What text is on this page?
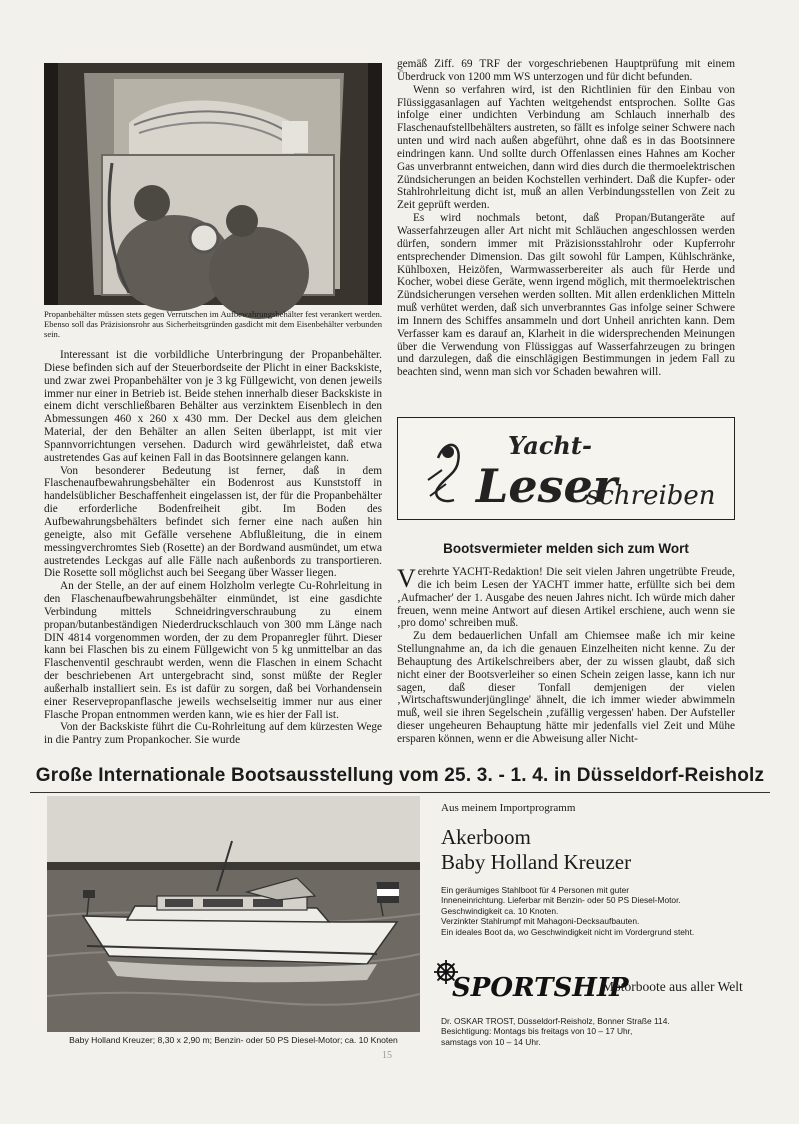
Propanbehälter müssen stets gegen Verrutschen im Aufbewahrungsbehälter fest verankert werden. Ebenso soll das Präzisionsrohr aus Sicherheitsgründen gasdicht mit dem Eisenbehälter verbunden sein.

Interessant ist die vorbildliche Unterbringung der Propanbehälter. Diese befinden sich auf der Steuerbordseite der Plicht in einer Backskiste, und zwar zwei Propanbehälter von je 3 kg Füllgewicht, von denen jeweils immer nur einer in Betrieb ist. Beide stehen innerhalb dieser Backskiste in einem dicht verschließbaren Behälter aus verzinktem Eisenblech in den Abmessungen 460 x 260 x 430 mm. Der Deckel aus dem gleichen Material, der den Behälter an allen Seiten überlappt, ist mit vier Spannvorrichtungen versehen. Dadurch wird gewährleistet, daß etwa austretendes Gas auf keinen Fall in das Bootsinnere gelangen kann.

Von besonderer Bedeutung ist ferner, daß in dem Flaschenaufbewahrungsbehälter ein Bodenrost aus Kunststoff in handelsüblicher Beschaffenheit eingelassen ist, der für die Propanbehälter die erforderliche Bodenfreiheit gibt. Im Boden des Aufbewahrungsbehälters befindet sich ferner eine nach außen hin geneigte, also mit Gefälle versehene Abflußleitung, die in einem messingverchromtes Sieb (Rosette) an der Bordwand ausmündet, um etwa austretendes Leckgas auf alle Fälle nach außenbords zu transportieren. Die Rosette soll möglichst auch bei Seegang über Wasser liegen.

An der Stelle, an der auf einem Holzholm verlegte Cu-Rohrleitung in den Flaschenaufbewahrungsbehälter einmündet, ist eine gasdichte Verbindung mittels Schneidringverschraubung zu einem propan/butanbeständigen Niederdruckschlauch von 300 mm Länge nach DIN 4814 vorgenommen worden, der zu dem Propanregler führt. Dieser kann bei Flaschen bis zu einem Füllgewicht von 5 kg unmittelbar an das Flaschenventil geschraubt werden, wenn die Flaschen in einem Schacht der beschriebenen Art untergebracht sind, sonst müßte der Regler außerhalb installiert sein. Es ist dafür zu sorgen, daß bei Vorhandensein einer Reservepropanflasche jeweils wechselseitig immer nur aus einer Flasche Propan entnommen werden kann, wie es hier der Fall ist.

Von der Backskiste führt die Cu-Rohrleitung auf dem kürzesten Wege in die Pantry zum Propankocher. Sie wurde

gemäß Ziff. 69 TRF der vorgeschriebenen Hauptprüfung mit einem Überdruck von 1200 mm WS unterzogen und für dicht befunden.

Wenn so verfahren wird, ist den Richtlinien für den Einbau von Flüssiggasanlagen auf Yachten weitgehendst entsprochen. Sollte Gas infolge einer undichten Verbindung am Schlauch innerhalb des Flaschenaufstellbehälters austreten, so fällt es infolge seiner Schwere nach unten und wird nach außen abgeführt, ohne daß es in das Bootsinnere eindringen kann. Und sollte durch Offenlassen eines Hahnes am Kocher Gas unverbrannt entweichen, dann wird dies durch die thermoelektrischen Zündsicherungen an beiden Kochstellen verhindert. Daß die Kupfer- oder Stahlrohrleitung dicht ist, muß an allen Verbindungsstellen von Zeit zu Zeit geprüft werden.

Es wird nochmals betont, daß Propan/Butangeräte auf Wasserfahrzeugen aller Art nicht mit Schläuchen angeschlossen werden dürfen, sondern immer mit Präzisionsstahlrohr oder Kupferrohr entsprechender Dimension. Das gilt sowohl für Lampen, Kühlschränke, Kühlboxen, Heizöfen, Warmwasserbereiter als auch für Herde und Kocher, wobei diese Geräte, wenn irgend möglich, mit thermoelektrischen Zündsicherungen versehen werden sollten. Mit allen erdenklichen Mitteln muß verhütet werden, daß sich unverbranntes Gas infolge seiner Schwere im Innern des Schiffes ansammeln und dort Unheil anrichten kann. Dem Verfasser kam es darauf an, Klarheit in die widersprechenden Meinungen über die Verwendung von Flüssiggas auf Wasserfahrzeugen zu bringen und darzulegen, daß die einschlägigen Bestimmungen in jedem Fall zu beachten sind, wenn man sich vor Schaden bewahren will.

Yacht-
Leser
schreiben
Bootsvermieter melden sich zum Wort

Verehrte YACHT-Redaktion! Die seit vielen Jahren ungetrübte Freude, die ich beim Lesen der YACHT immer hatte, erfüllte sich bei dem ‚Aufmacher' der 1. Ausgabe des neuen Jahres nicht. Ich würde mich daher freuen, wenn meine Antwort auf diesen Artikel erschiene, auch wenn sie ‚pro domo' schreiben muß.

Zu dem bedauerlichen Unfall am Chiemsee maße ich mir keine Stellungnahme an, da ich die genauen Einzelheiten nicht kenne. Zu der Behauptung des Artikelschreibers aber, der zu wissen glaubt, daß sich nicht einer der Bootsverleiher so einen Schein zeigen lasse, kann ich nur sagen, daß dieser Tonfall demjenigen der vielen ‚Wirtschaftswunderjünglinge' ähnelt, die ich immer wieder abwimmeln muß, weil sie ihren Segelschein ‚zufällig vergessen' haben. Der Aufsteller dieser ungeheuren Behauptung hätte mir jedenfalls viel Zeit und Mühe ersparen können, wenn er die Abweisung aller Nicht-

Große Internationale Bootsausstellung vom 25. 3. - 1. 4. in Düsseldorf-Reisholz
Baby Holland Kreuzer; 8,30 x 2,90 m; Benzin- oder 50 PS Diesel-Motor; ca. 10 Knoten
Aus meinem Importprogramm
Akerboom
Baby Holland Kreuzer
Ein geräumiges Stahlboot für 4 Personen mit guter
Inneneinrichtung. Lieferbar mit Benzin- oder 50 PS Diesel-Motor.
Geschwindigkeit ca. 10 Knoten.
Verzinkter Stahlrumpf mit Mahagoni-Decksaufbauten.
Ein ideales Boot da, wo Geschwindigkeit nicht im Vordergrund steht.
SPORTSHIP
Motorboote aus aller Welt
Dr. OSKAR TROST, Düsseldorf-Reisholz, Bonner Straße 114.
Besichtigung: Montags bis freitags von 10 – 17 Uhr,
samstags von 10 – 14 Uhr.
15
